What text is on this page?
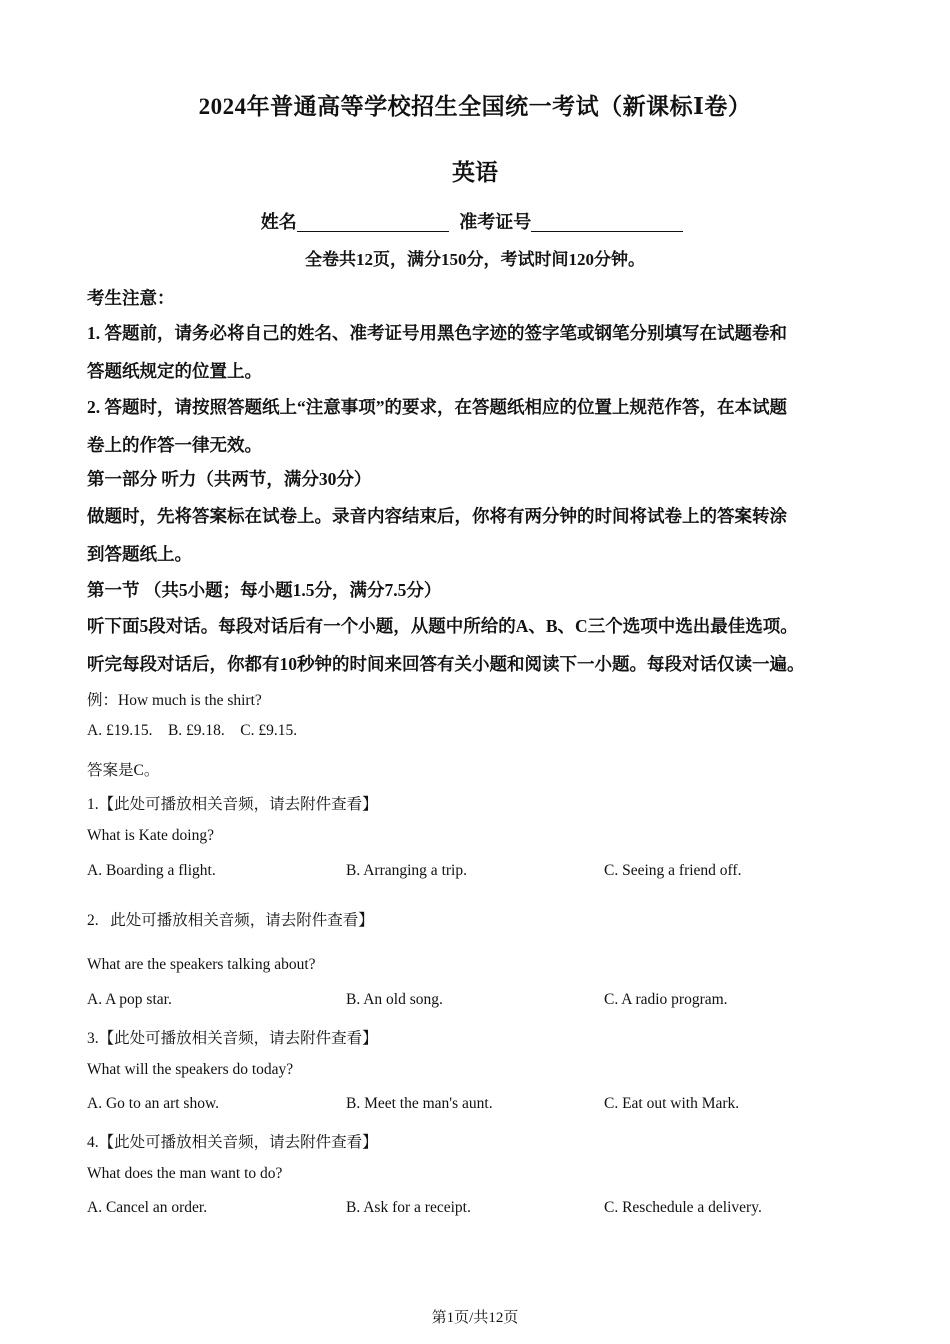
2024年普通高等学校招生全国统一考试（新课标Ⅰ卷）
英语
姓名	准考证号
全卷共12页，满分150分，考试时间120分钟。
考生注意：
1. 答题前，请务必将自己的姓名、准考证号用黑色字迹的签字笔或钢笔分别填写在试题卷和
答题纸规定的位置上。
2. 答题时，请按照答题纸上“注意事项”的要求，在答题纸相应的位置上规范作答，在本试题
卷上的作答一律无效。
第一部分 听力（共两节，满分30分）
做题时，先将答案标在试卷上。录音内容结束后，你将有两分钟的时间将试卷上的答案转涂
到答题纸上。
第一节 （共5小题；每小题1.5分，满分7.5分）
听下面5段对话。每段对话后有一个小题，从题中所给的A、B、C三个选项中选出最佳选项。
听完每段对话后，你都有10秒钟的时间来回答有关小题和阅读下一小题。每段对话仅读一遍。
例：How much is the shirt?
A. £19.15.    B. £9.18.    C. £9.15.
答案是C。
1.【此处可播放相关音频，请去附件查看】
What is Kate doing?
A. Boarding a flight.	B. Arranging a trip.	C. Seeing a friend off.
2.   此处可播放相关音频，请去附件查看】
What are the speakers talking about?
A. A pop star.	B. An old song.	C. A radio program.
3.【此处可播放相关音频，请去附件查看】
What will the speakers do today?
A. Go to an art show.	B. Meet the man's aunt.	C. Eat out with Mark.
4.【此处可播放相关音频，请去附件查看】
What does the man want to do?
A. Cancel an order.	B. Ask for a receipt.	C. Reschedule a delivery.
第1页/共12页
